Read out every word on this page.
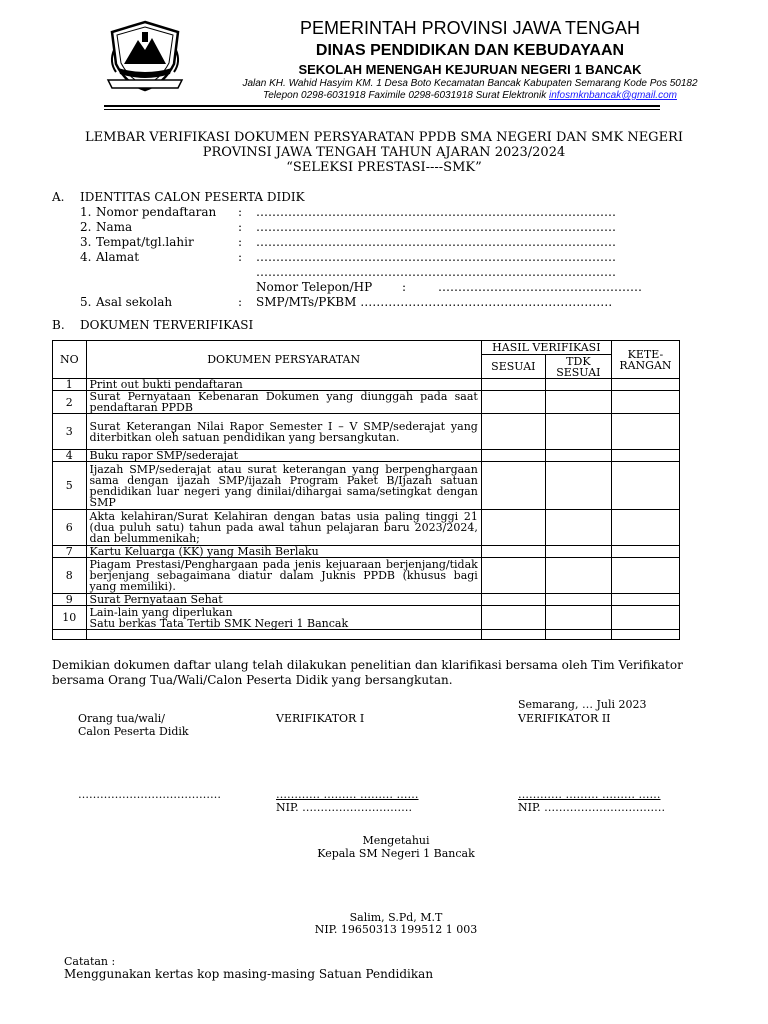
PEMERINTAH PROVINSI JAWA TENGAH
DINAS PENDIDIKAN DAN KEBUDAYAAN
SEKOLAH MENENGAH KEJURUAN NEGERI 1 BANCAK
Jalan KH. Wahid Hasyim KM. 1 Desa Boto Kecamatan Bancak Kabupaten Semarang Kode Pos 50182
Telepon 0298-6031918 Faximile 0298-6031918 Surat Elektronik infosmknbancak@gmail.com
LEMBAR VERIFIKASI DOKUMEN PERSYARATAN PPDB SMA NEGERI DAN SMK NEGERI
PROVINSI JAWA TENGAH TAHUN AJARAN 2023/2024
“SELEKSI PRESTASI----SMK”
A. IDENTITAS CALON PESERTA DIDIK
1. Nomor pendaftaran : ………………………………………………………………………………
2. Nama	: ………………………………………………………………………………
3. Tempat/tgl.lahir	: ………………………………………………………………………………
4. Alamat	: ………………………………………………………………………………
………………………………………………………………………………
Nomor Telepon/HP :	……………………………………………
5. Asal sekolah	: SMP/MTs/PKBM ………………………………………………………
B. DOKUMEN TERVERIFIKASI
NO	DOKUMEN PERSYARATAN	HASIL VERIFIKASI		KETE-RANGAN
		SESUAI	TDK SESUAI	
1	Print out bukti pendaftaran			
2	Surat Pernyataan Kebenaran Dokumen yang diunggah pada saat pendaftaran PPDB			
3	Surat Keterangan Nilai Rapor Semester I – V SMP/sederajat yang diterbitkan oleh satuan pendidikan yang bersangkutan.			
4	Buku rapor SMP/sederajat			
5	Ijazah SMP/sederajat atau surat keterangan yang berpenghargaan sama dengan ijazah SMP/ijazah Program Paket B/Ijazah satuan pendidikan luar negeri yang dinilai/dihargai sama/setingkat dengan SMP			
6	Akta kelahiran/Surat Kelahiran dengan batas usia paling tinggi 21 (dua puluh satu) tahun pada awal tahun pelajaran baru 2023/2024, dan belummenikah;			
7	Kartu Keluarga (KK) yang Masih Berlaku			
8	Piagam Prestasi/Penghargaan pada jenis kejuaraan berjenjang/tidak berjenjang sebagaimana diatur dalam Juknis PPDB (khusus bagi yang memiliki).			
9	Surat Pernyataan Sehat			
10	Lain-lain yang diperlukan
Satu berkas Tata Tertib SMK Negeri 1 Bancak			

Demikian dokumen daftar ulang telah dilakukan penelitian dan klarifikasi bersama oleh Tim Verifikator bersama Orang Tua/Wali/Calon Peserta Didik yang bersangkutan.
Semarang, … Juli 2023
Orang tua/wali/
Calon Peserta Didik
VERIFIKATOR I	VERIFIKATOR II
…………………………………	………… ……… ……… ……
NIP. …………………………
………… ……… ……… ……
NIP. ……………………………
Mengetahui
Kepala SM Negeri 1 Bancak
Salim, S.Pd, M.T
NIP. 19650313 199512 1 003
Catatan :
Menggunakan kertas kop masing-masing Satuan Pendidikan
